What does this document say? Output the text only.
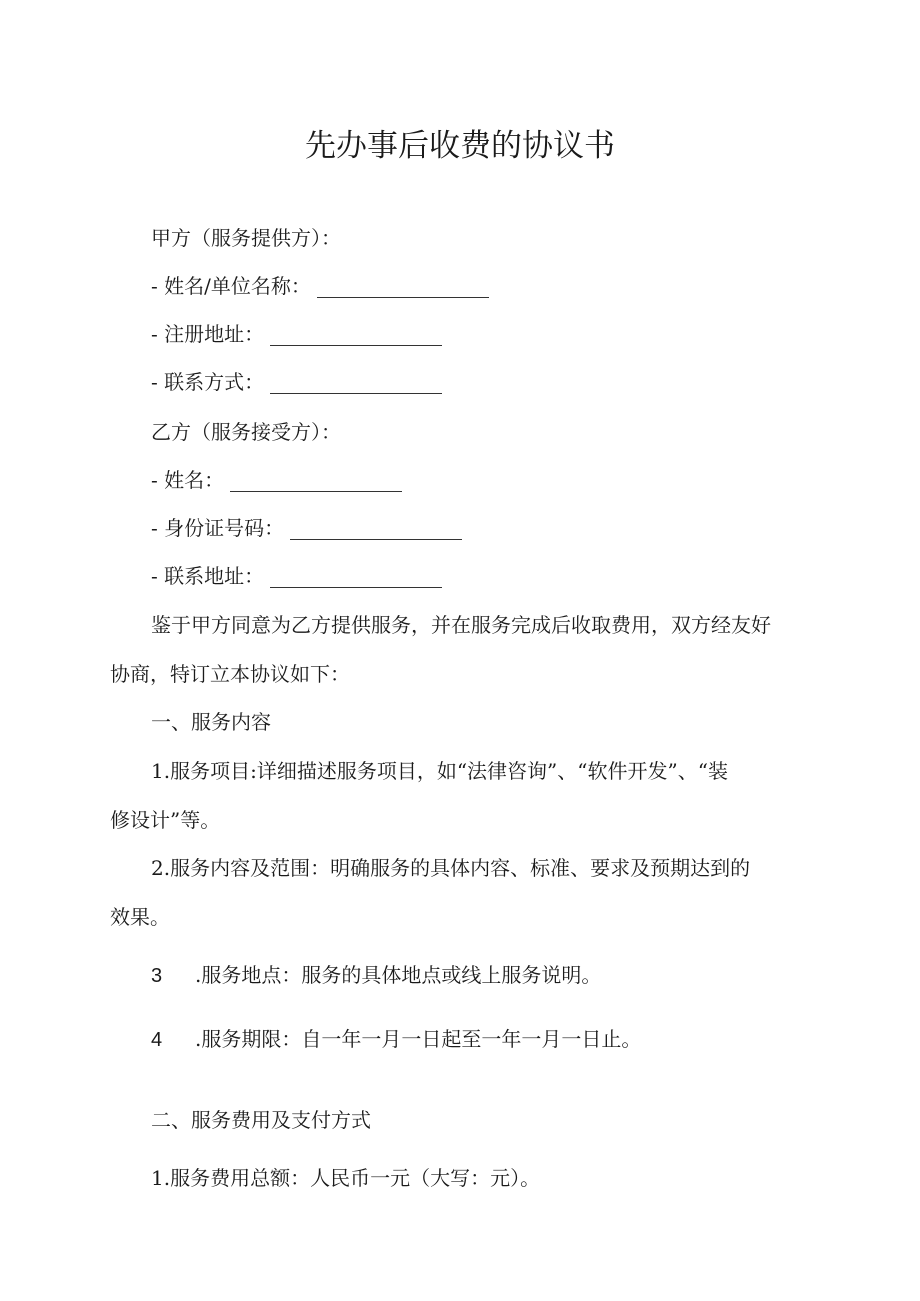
先办事后收费的协议书
甲方（服务提供方）：
- 姓名/单位名称：
- 注册地址：
- 联系方式：
乙方（服务接受方）：
- 姓名：
- 身份证号码：
- 联系地址：
鉴于甲方同意为乙方提供服务，并在服务完成后收取费用，双方经友好
协商，特订立本协议如下：
一、服务内容
1.服务项目:详细描述服务项目，如“法律咨询”、“软件开发”、“装
修设计”等。
2.服务内容及范围：明确服务的具体内容、标准、要求及预期达到的
效果。
3 .服务地点：服务的具体地点或线上服务说明。
4 .服务期限：自一年一月一日起至一年一月一日止。
二、服务费用及支付方式
1.服务费用总额：人民币一元（大写：元）。
